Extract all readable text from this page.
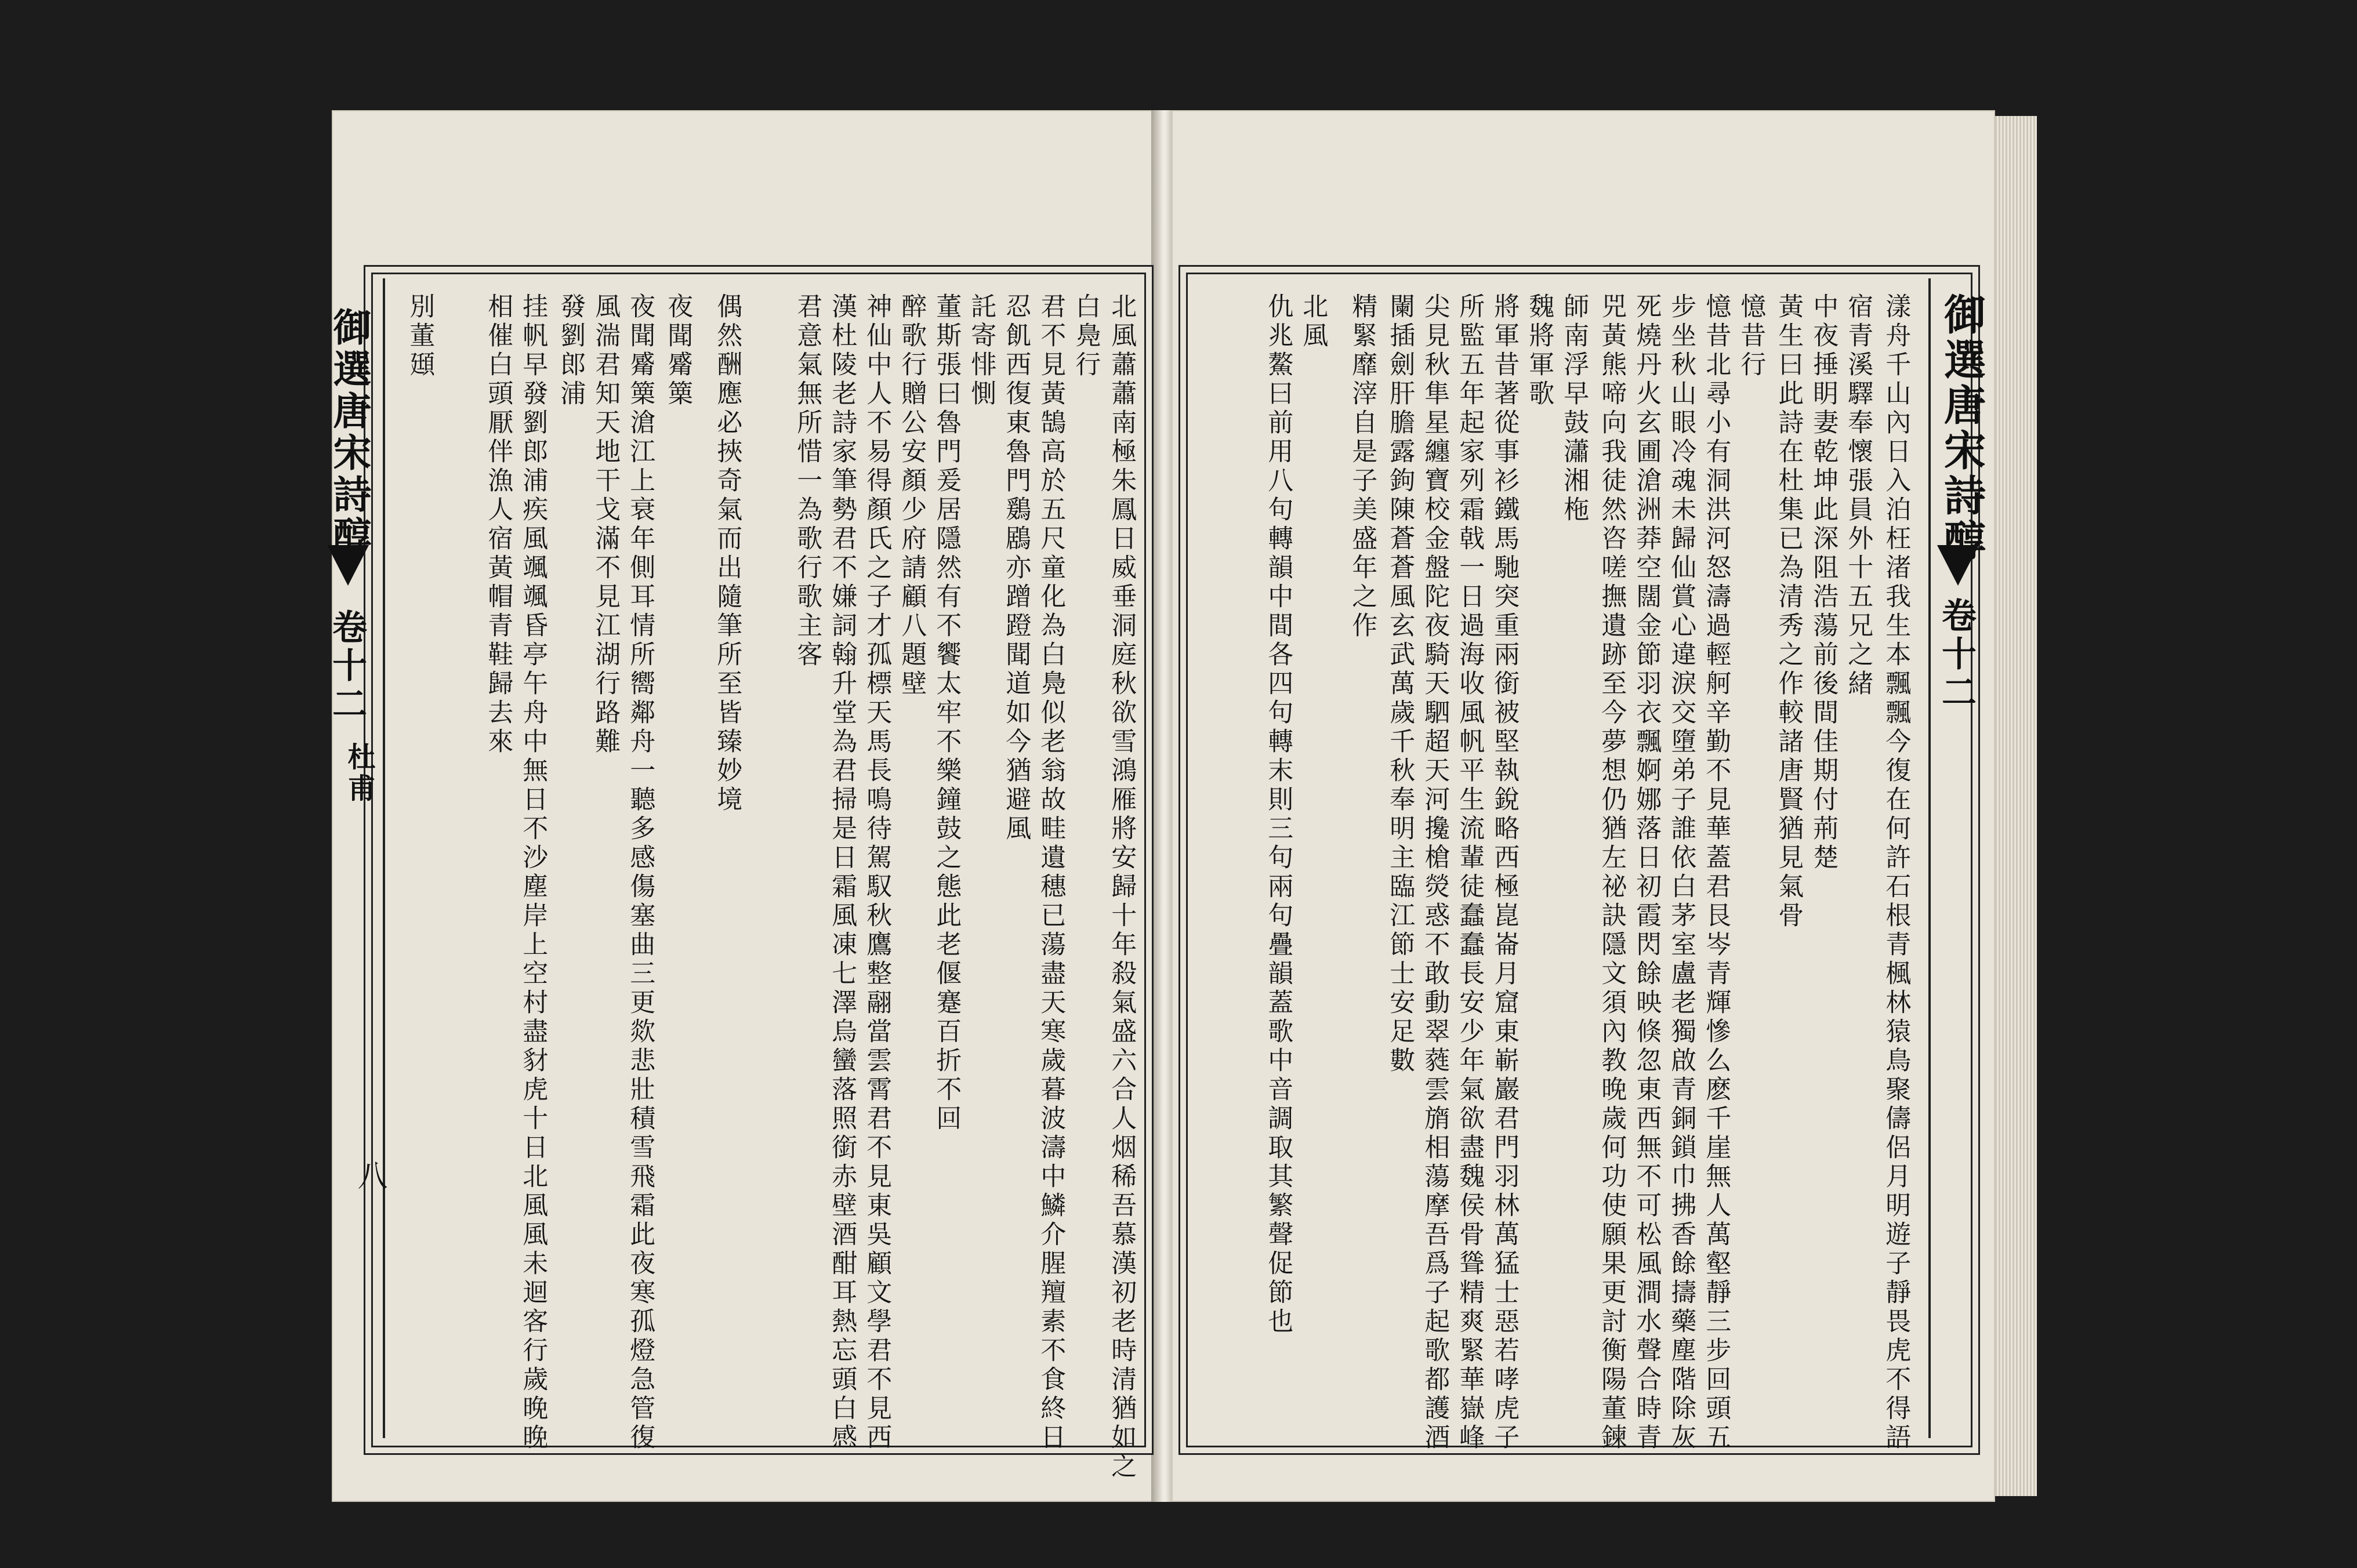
御選唐宋詩醇
卷十二
杜甫
八
御選唐宋詩醇
卷十二
漾舟千山內日入泊枉渚我生本飄飄今復在何許石根青楓林猿鳥聚儔侶月明遊子靜畏虎不得語
宿青溪驛奉懷張員外十五兄之緒
中夜捶眀妻乾坤此深阻浩蕩前後間佳期付荊楚
黃生曰此詩在杜集已為清秀之作較諸唐賢猶見氣骨
憶昔行
憶昔北尋小有洞洪河怒濤過輕舸辛勤不見華蓋君艮岑青輝慘么麽千崖無人萬壑靜三步回頭五
步坐秋山眼冷魂未歸仙賞心違淚交墮弟子誰依白茅室盧老獨啟青銅鎖巾拂香餘擣藥塵階除灰
死燒丹火玄圃滄洲莽空闊金節羽衣飄婀娜落日初霞閃餘映倏忽東西無不可松風澗水聲合時青
兕黃熊啼向我徒然咨嗟撫遺跡至今夢想仍猶左祕訣隱文須內教晚歲何功使願果更討衡陽董鍊
師南浮早鼓瀟湘柂
魏將軍歌
將軍昔著從事衫鐵馬馳突重兩銜被堅執銳略西極崑崙月窟東嶄巖君門羽林萬猛士惡若哮虎子
所監五年起家列霜戟一日過海收風帆平生流輩徒蠢蠢長安少年氣欲盡魏侯骨聳精爽緊華嶽峰
尖見秋隼星纏寶校金盤陀夜騎天駟超天河攙槍熒惑不敢動翠蕤雲旓相蕩摩吾爲子起歌都護酒
闌插劍肝膽露鉤陳蒼蒼風玄武萬歲千秋奉明主臨江節士安足數
精緊靡滓自是子美盛年之作
北風
仇兆鰲曰前用八句轉韻中間各四句轉末則三句兩句疊韻蓋歌中音調取其繁聲促節也
北風蕭蕭南極朱鳳日威垂洞庭秋欲雪鴻雁將安歸十年殺氣盛六合人烟稀吾慕漢初老時清猶如之
白鳧行
君不見黃鵠高於五尺童化為白鳧似老翁故畦遺穗已蕩盡天寒歲暮波濤中鱗介腥羶素不食終日
忍飢西復東魯門鶢鶋亦蹭蹬聞道如今猶避風
託寄悱惻
董斯張曰魯門爰居隱然有不饗太牢不樂鐘鼓之態此老偃蹇百折不回
醉歌行贈公安顏少府請顧八題壁
神仙中人不易得顏氏之子才孤標天馬長鳴待駕馭秋鷹整翮當雲霄君不見東吳顧文學君不見西
漢杜陵老詩家筆勢君不嫌詞翰升堂為君掃是日霜風凍七澤烏蠻落照銜赤壁酒酣耳熱忘頭白感
君意氣無所惜一為歌行歌主客
偶然酬應必挾奇氣而出隨筆所至皆臻妙境
夜聞觱篥
夜聞觱篥滄江上衰年側耳情所嚮鄰舟一聽多感傷塞曲三更欻悲壯積雪飛霜此夜寒孤燈急管復
風湍君知天地干戈滿不見江湖行路難
發劉郎浦
挂帆早發劉郎浦疾風颯颯昏亭午舟中無日不沙塵岸上空村盡豺虎十日北風風未迴客行歲晚晚
相催白頭厭伴漁人宿黃帽青鞋歸去來
別董頲
